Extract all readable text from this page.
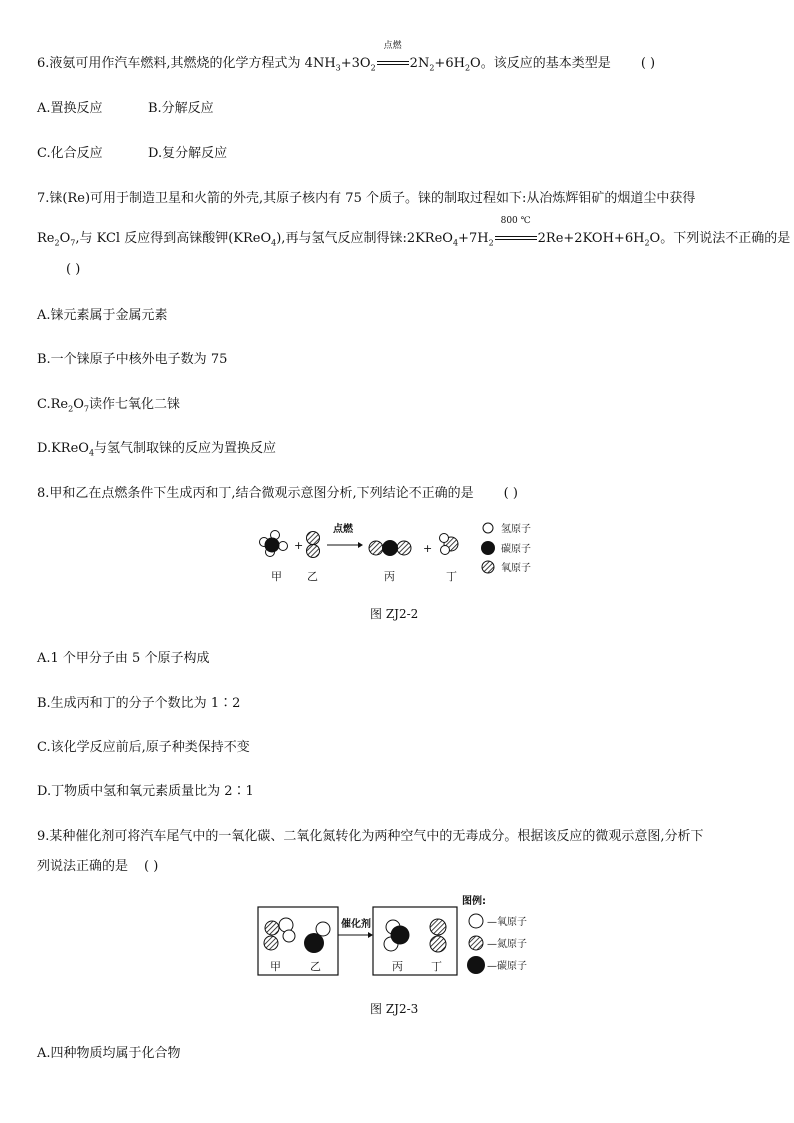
6.液氨可用作汽车燃料,其燃烧的化学方程式为 $4NH_3+3O_2$
点燃
$2N_2+6H_2O$。该反应的基本类型是 ( )
A.置换反应	B.分解反应
C.化合反应	D.复分解反应
7.铼(Re)可用于制造卫星和火箭的外壳,其原子核内有 75 个质子。铼的制取过程如下:从冶炼辉钼矿的烟道尘中获得
$Re_2O_7$,与 KCl 反应得到高铼酸钾(KReO$_4$),再与氢气反应制得铼$:2KReO_4+7H_2$
800 ℃
$2Re+2KOH+6H_2O$。下列说法不正确的是
( )
A.铼元素属于金属元素
B.一个铼原子中核外电子数为 75
$C.Re_2O_7$读作七氧化二铼
D.KReO$_4$与氢气制取铼的反应为置换反应
8.甲和乙在点燃条件下生成丙和丁,结合微观示意图分析,下列结论不正确的是 ( )
+
点燃
+
甲 乙	丙	丁
氢原子
碳原子
氧原子
图 ZJ2-2
A.1 个甲分子由 5 个原子构成
B.生成丙和丁的分子个数比为 1∶2
C.该化学反应前后,原子种类保持不变
D.丁物质中氢和氧元素质量比为 2∶1
9.某种催化剂可将汽车尾气中的一氧化碳、二氧化氮转化为两种空气中的无毒成分。根据该反应的微观示意图,分析下
列说法正确的是 ( )
甲	乙
催化剂
丙	丁
图例:
—氧原子
—氮原子
—碳原子
图 ZJ2-3
A.四种物质均属于化合物
